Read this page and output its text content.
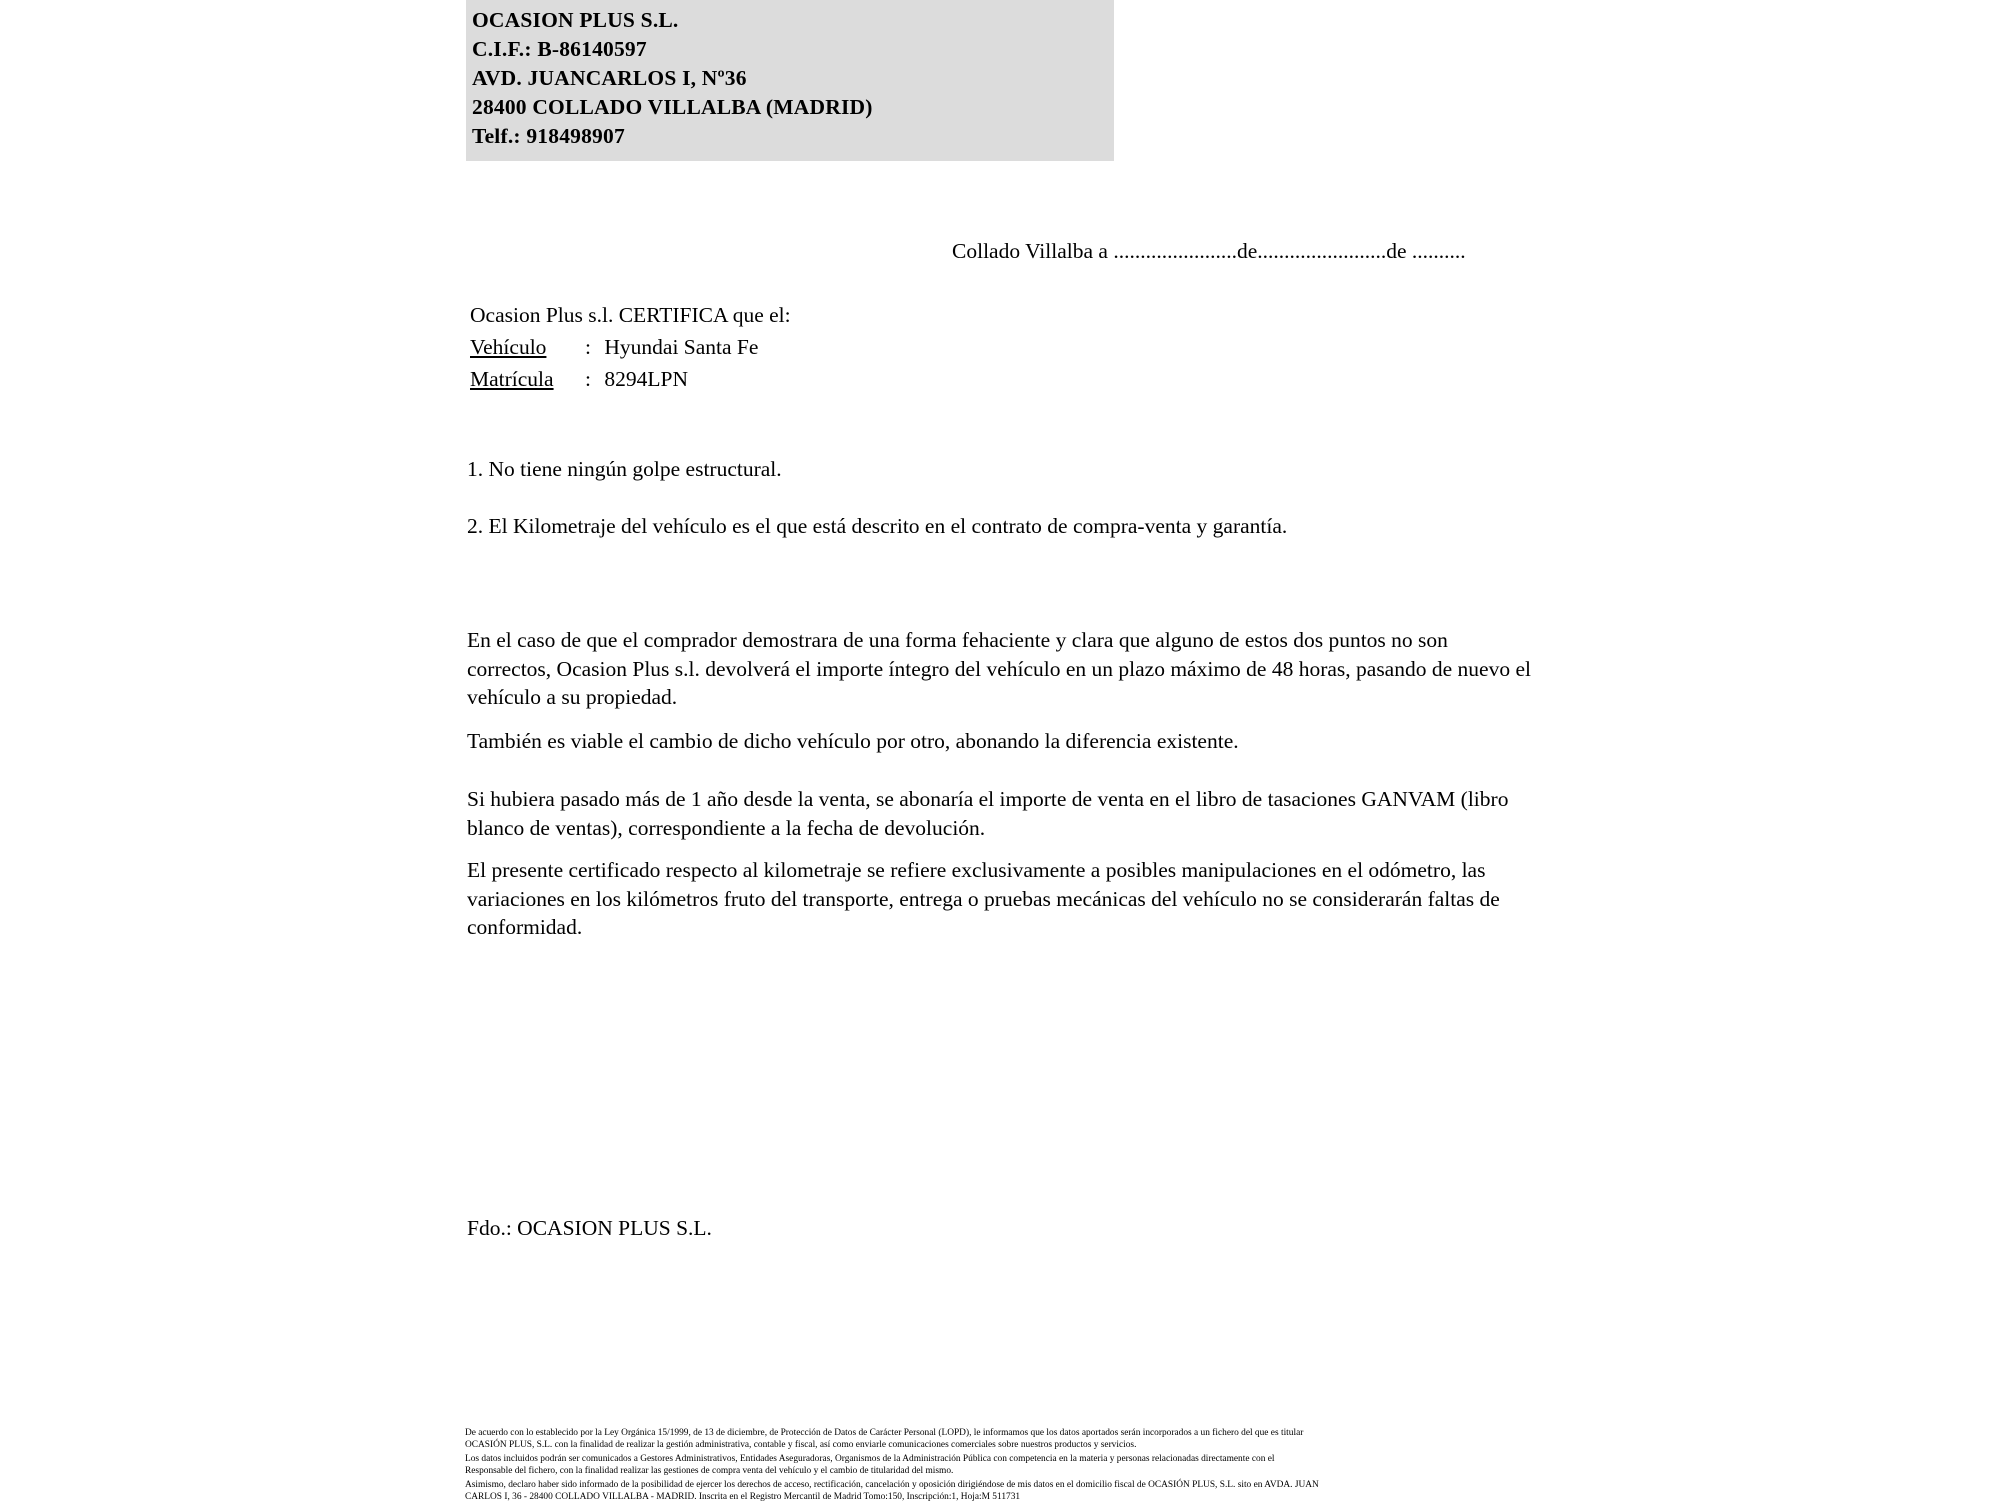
OCASION PLUS S.L.
C.I.F.: B-86140597
AVD. JUANCARLOS I, Nº36
28400 COLLADO VILLALBA (MADRID)
Telf.: 918498907
Collado Villalba a .......................de........................de ..........
Ocasion Plus s.l. CERTIFICA que el:
Vehículo : Hyundai Santa Fe
Matrícula : 8294LPN
1. No tiene ningún golpe estructural.
2. El Kilometraje del vehículo es el que está descrito en el contrato de compra-venta y garantía.
En el caso de que el comprador demostrara de una forma fehaciente y clara que alguno de estos dos puntos no son correctos, Ocasion Plus s.l. devolverá el importe íntegro del vehículo en un plazo máximo de 48 horas, pasando de nuevo el vehículo a su propiedad.
También es viable el cambio de dicho vehículo por otro, abonando la diferencia existente.
Si hubiera pasado más de 1 año desde la venta, se abonaría el importe de venta en el libro de tasaciones GANVAM (libro blanco de ventas), correspondiente a la fecha de devolución.
El presente certificado respecto al kilometraje se refiere exclusivamente a posibles manipulaciones en el odómetro, las variaciones en los kilómetros fruto del transporte, entrega o pruebas mecánicas del vehículo no se considerarán faltas de conformidad.
Fdo.: OCASION PLUS S.L.

De acuerdo con lo establecido por la Ley Orgánica 15/1999, de 13 de diciembre, de Protección de Datos de Carácter Personal (LOPD), le informamos que los datos aportados serán incorporados a un fichero del que es titular

OCASIÓN PLUS, S.L. con la finalidad de realizar la gestión administrativa, contable y fiscal, así como enviarle comunicaciones comerciales sobre nuestros productos y servicios.

Los datos incluidos podrán ser comunicados a Gestores Administrativos, Entidades Aseguradoras, Organismos de la Administración Pública con competencia en la materia y personas relacionadas directamente con el

Responsable del fichero, con la finalidad realizar las gestiones de compra venta del vehículo y el cambio de titularidad del mismo.

Asimismo, declaro haber sido informado de la posibilidad de ejercer los derechos de acceso, rectificación, cancelación y oposición dirigiéndose de mis datos en el domicilio fiscal de OCASIÓN PLUS, S.L. sito en AVDA. JUAN

CARLOS I, 36 - 28400 COLLADO VILLALBA - MADRID. Inscrita en el Registro Mercantil de Madrid Tomo:150, Inscripción:1, Hoja:M 511731
